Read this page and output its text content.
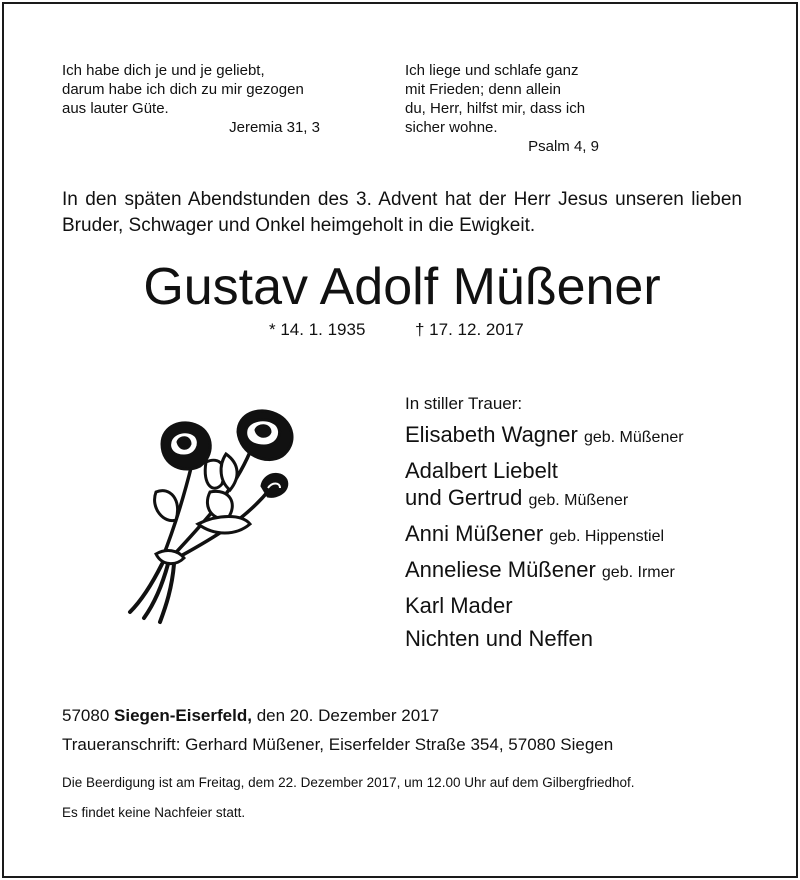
Ich habe dich je und je geliebt,
darum habe ich dich zu mir gezogen
aus lauter Güte.
Jeremia 31, 3
Ich liege und schlafe ganz
mit Frieden; denn allein
du, Herr, hilfst mir, dass ich
sicher wohne.
Psalm 4, 9
In den späten Abendstunden des 3. Advent hat der Herr Jesus unseren lieben
Bruder, Schwager und Onkel heimgeholt in die Ewigkeit.
Gustav Adolf Müßener
* 14. 1. 1935	† 17. 12. 2017
In stiller Trauer:
Elisabeth Wagner geb. Müßener
Adalbert Liebelt
und Gertrud geb. Müßener
Anni Müßener geb. Hippenstiel
Anneliese Müßener geb. Irmer
Karl Mader
Nichten und Neffen
57080 Siegen-Eiserfeld, den 20. Dezember 2017
Traueranschrift: Gerhard Müßener, Eiserfelder Straße 354, 57080 Siegen
Die Beerdigung ist am Freitag, dem 22. Dezember 2017, um 12.00 Uhr auf dem Gilbergfriedhof.
Es findet keine Nachfeier statt.
